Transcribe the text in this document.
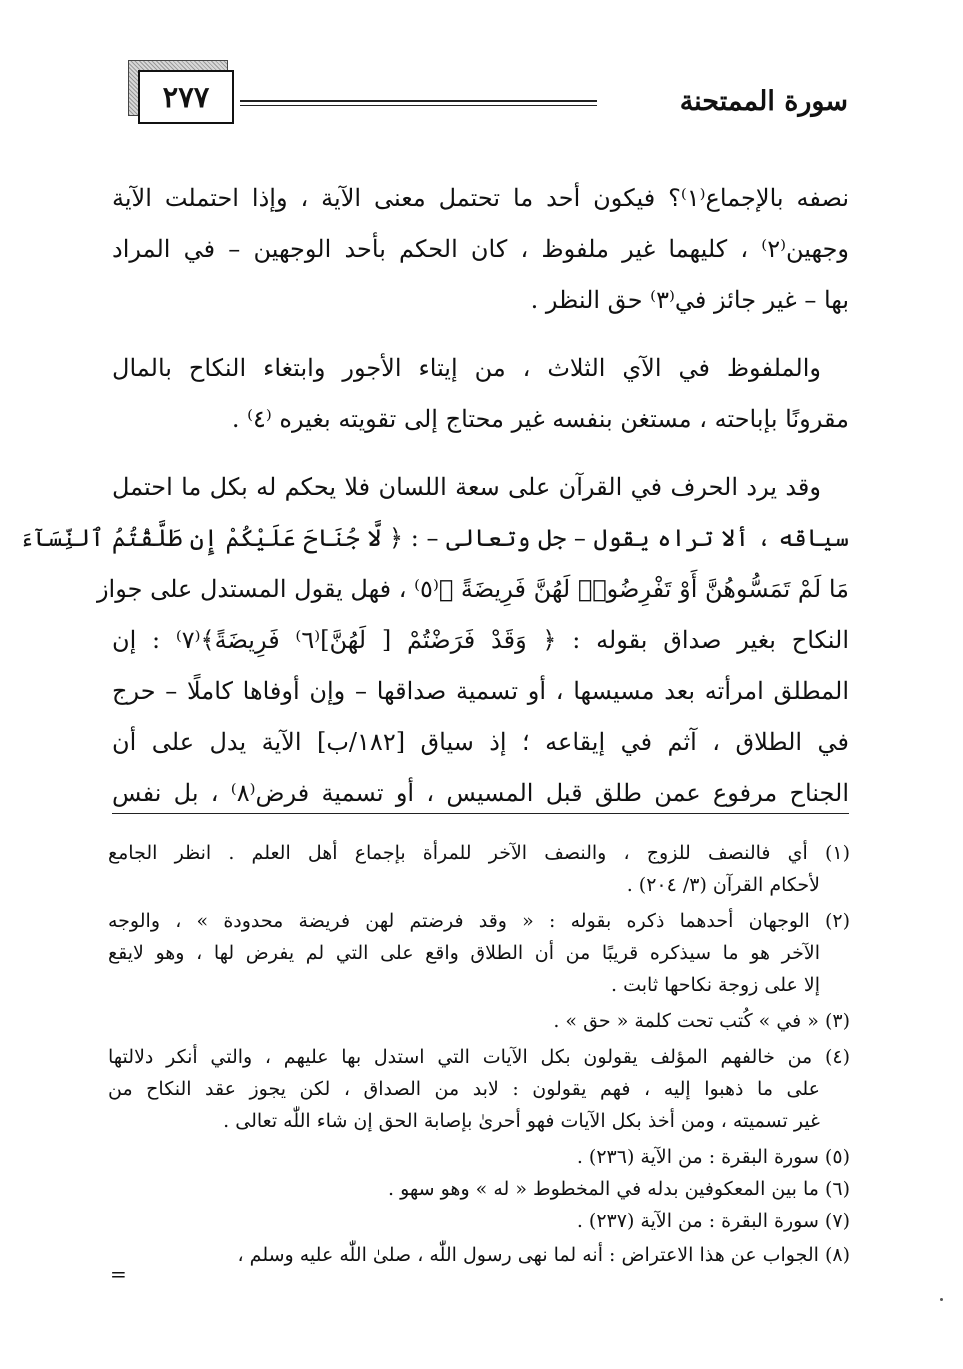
٢٧٧	سورة الممتحنة
نصفه بالإجماع⁽١⁾؟ فيكون أحد ما تحتمل معنى الآية ، وإذا احتملت الآية
وجهين⁽٢⁾ ، كليهما غير ملفوظ ، كان الحكم بأحد الوجهين – في المراد
بها – غير جائز في⁽٣⁾ حق النظر .
والملفوظ في الآي الثلاث ، من إيتاء الأجور وابتغاء النكاح بالمال
مقرونًا بإباحته ، مستغن بنفسه غير محتاج إلى تقويته بغيره ⁽٤⁾ .
وقد يرد الحرف في القرآن على سعة اللسان فلا يحكم له بكل ما احتمل
سياقه ، ألا تراه يقول – جل وتعالى – : ﴿ لَّا جُنَاحَ عَلَيْكُمْ إِن طَلَّقْتُمُ ٱلنِّسَآءَ
مَا لَمْ تَمَسُّوهُنَّ أَوْ تَفْرِضُوا۟ لَهُنَّ فَرِيضَةً ﴾⁽٥⁾ ، فهل يقول المستدل على جواز
النكاح بغير صداق بقوله : ﴿ وَقَدْ فَرَضْتُمْ [ لَهُنَّ]⁽٦⁾ فَرِيضَةً﴾⁽٧⁾ : إن
المطلق امرأته بعد مسيسها ، أو تسمية صداقها – وإن أوفاها كاملًا – حرج
في الطلاق ، آثم في إيقاعه ؛ إذ سياق [١٨٢/ب] الآية يدل على أن
الجناح مرفوع عمن طلق قبل المسيس ، أو تسمية فرض⁽٨⁾ ، بل نفس
(١) أي فالنصف للزوج ، والنصف الآخر للمرأة بإجماع أهل العلم . انظر الجامع
لأحكام القرآن (٣/ ٢٠٤) .
(٢) الوجهان أحدهما ذكره بقوله : « وقد فرضتم لهن فريضة محدودة » ، والوجه
الآخر هو ما سيذكره قريبًا من أن الطلاق واقع على التي لم يفرض لها ، وهو لايقع
إلا على زوجة نكاحها ثابت .
(٣) « في » كُتب تحت كلمة « حق » .
(٤) من خالفهم المؤلف يقولون بكل الآيات التي استدل بها عليهم ، والتي أنكر دلالتها
على ما ذهبوا إليه ، فهم يقولون : لابد من الصداق ، لكن يجوز عقد النكاح من
غير تسميته ، ومن أخذ بكل الآيات فهو أحرىٰ بإصابة الحق إن شاء اللّٰه تعالى .
(٥) سورة البقرة : من الآية (٢٣٦) .
(٦) ما بين المعكوفين بدله في المخطوط « له » وهو سهو .
(٧) سورة البقرة : من الآية (٢٣٧) .
(٨) الجواب عن هذا الاعتراض : أنه لما نهى رسول اللّٰه ، صلىٰ اللّٰه عليه وسلم ،
=
